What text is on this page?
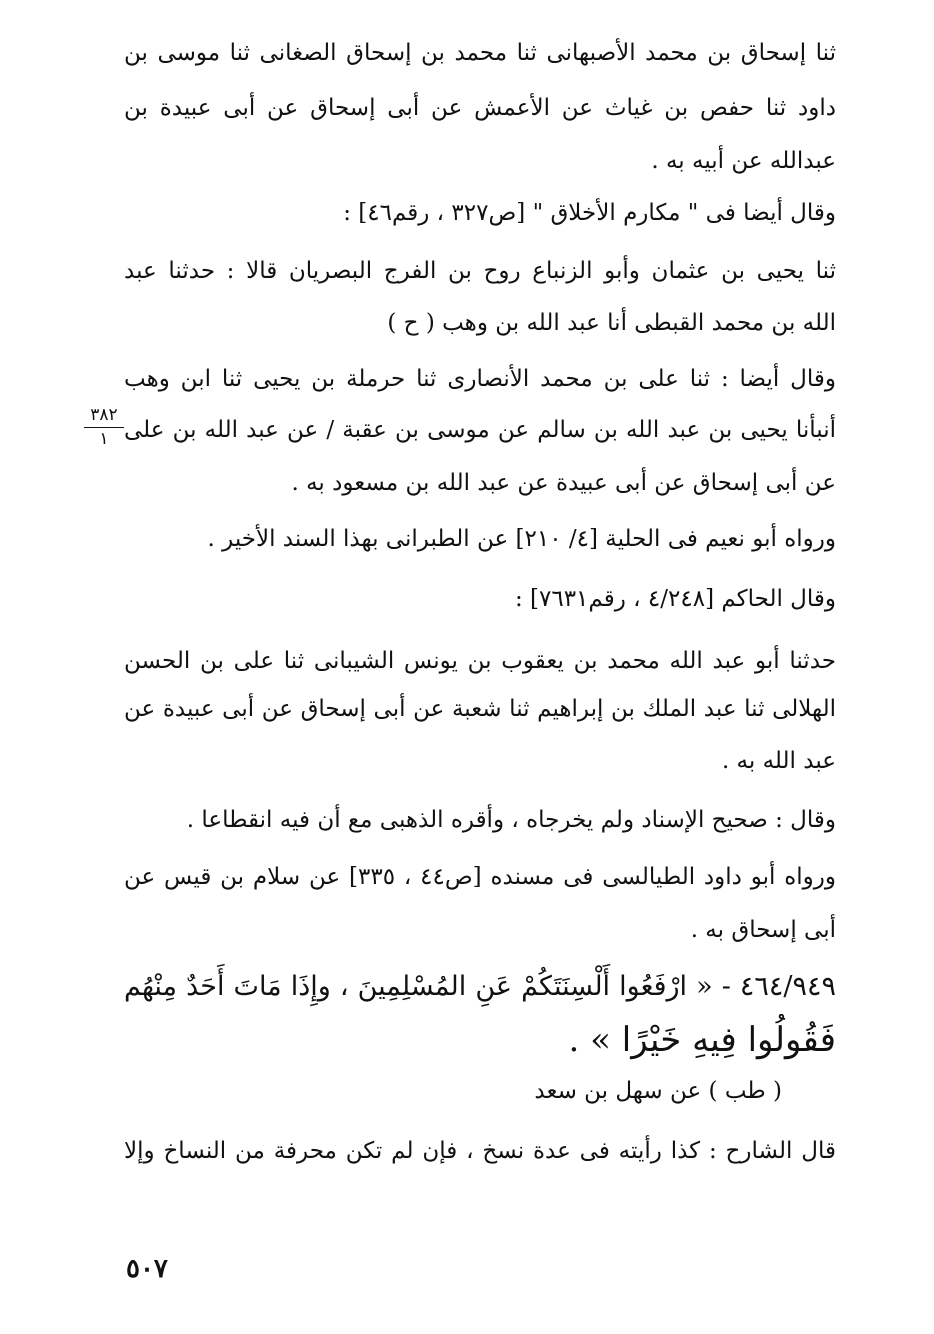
ثنا إسحاق بن محمد الأصبهانى ثنا محمد بن إسحاق الصغانى ثنا موسى بن
داود ثنا حفص بن غياث عن الأعمش عن أبى إسحاق عن أبى عبيدة بن
عبدالله عن أبيه به .
وقال أيضا فى " مكارم الأخلاق " [ص٣٢٧ ، رقم٤٦] :
ثنا يحيى بن عثمان وأبو الزنباع روح بن الفرج البصريان قالا : حدثنا عبد
الله بن محمد القبطى أنا عبد الله بن وهب ( ح )
وقال أيضا : ثنا على بن محمد الأنصارى ثنا حرملة بن يحيى ثنا ابن وهب
أنبأنا يحيى بن عبد الله بن سالم عن موسى بن عقبة / عن عبد الله بن على
عن أبى إسحاق عن أبى عبيدة عن عبد الله بن مسعود به .
ورواه أبو نعيم فى الحلية [٤/ ٢١٠] عن الطبرانى بهذا السند الأخير .
وقال الحاكم [٤/٢٤٨ ، رقم٧٦٣١] :
حدثنا أبو عبد الله محمد بن يعقوب بن يونس الشيبانى ثنا على بن الحسن
الهلالى ثنا عبد الملك بن إبراهيم ثنا شعبة عن أبى إسحاق عن أبى عبيدة عن
عبد الله به .
وقال : صحيح الإسناد ولم يخرجاه ، وأقره الذهبى مع أن فيه انقطاعا .
ورواه أبو داود الطيالسى فى مسنده [ص٤٤ ، ٣٣٥] عن سلام بن قيس عن
أبى إسحاق به .
٤٦٤/٩٤٩ - « ارْفَعُوا أَلْسِنَتَكُمْ عَنِ المُسْلِمِينَ ، وإِذَا مَاتَ أَحَدٌ مِنْهُم
فَقُولُوا فِيهِ خَيْرًا » .
( طب ) عن سهل بن سعد
قال الشارح : كذا رأيته فى عدة نسخ ، فإن لم تكن محرفة من النساخ وإلا
٣٨٢
١
٥٠٧
